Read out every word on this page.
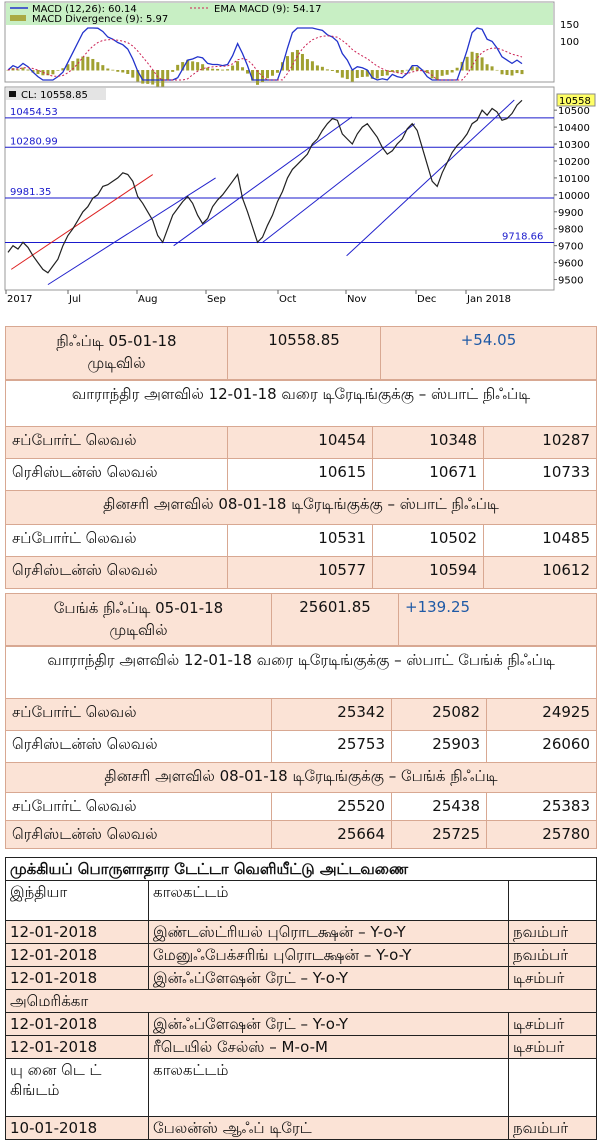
MACD (12,26): 60.14	EMA MACD (9): 54.17
MACD Divergence (9): 5.97
150
100
CL: 10558.85
10500
10400
10300
10200
10100
10000
9900
9800
9700
9600
9500
10454.53
10280.99
9981.35
9718.66
10558
2017	Jul	Aug	Sep	Oct	Nov	Dec	Jan 2018
நிஃப்டி 05-01-18 முடிவில்	10558.85	+54.05
வாராந்திர அளவில் 12-01-18 வரை டிரேடிங்குக்கு – ஸ்பாட் நிஃப்டி			
சப்போர்ட் லெவல்	10454	10348	10287
ரெசிஸ்டன்ஸ் லெவல்	10615	10671	10733
தினசரி அளவில் 08-01-18 டிரேடிங்குக்கு – ஸ்பாட் நிஃப்டி			
சப்போர்ட் லெவல்	10531	10502	10485
ரெசிஸ்டன்ஸ் லெவல்	10577	10594	10612
பேங்க் நிஃப்டி 05-01-18 முடிவில்	25601.85	+139.25
வாராந்திர அளவில் 12-01-18 வரை டிரேடிங்குக்கு – ஸ்பாட் பேங்க் நிஃப்டி			
சப்போர்ட் லெவல்	25342	25082	24925
ரெசிஸ்டன்ஸ் லெவல்	25753	25903	26060
தினசரி அளவில் 08-01-18 டிரேடிங்குக்கு – பேங்க் நிஃப்டி			
சப்போர்ட் லெவல்	25520	25438	25383
ரெசிஸ்டன்ஸ் லெவல்	25664	25725	25780
முக்கியப் பொருளாதார டேட்டா வெளியீட்டு அட்டவணை		
இந்தியா	காலகட்டம்	
12-01-2018	இண்டஸ்ட்ரியல் புரொடக்ஷன் – Y-o-Y	நவம்பர்
12-01-2018	மேனுஃபேக்சரிங் புரொடக்ஷன் – Y-o-Y	நவம்பர்
12-01-2018	இன்ஃப்ளேஷன் ரேட் – Y-o-Y	டிசம்பர்
அமெரிக்கா		
12-01-2018	இன்ஃப்ளேஷன் ரேட் – Y-o-Y	டிசம்பர்
12-01-2018	ரீடெயில் சேல்ஸ் – M-o-M	டிசம்பர்
யு னை டெ ட் கிங்டம்	காலகட்டம்	
10-01-2018	பேலன்ஸ் ஆஃப் டிரேட்	நவம்பர்
